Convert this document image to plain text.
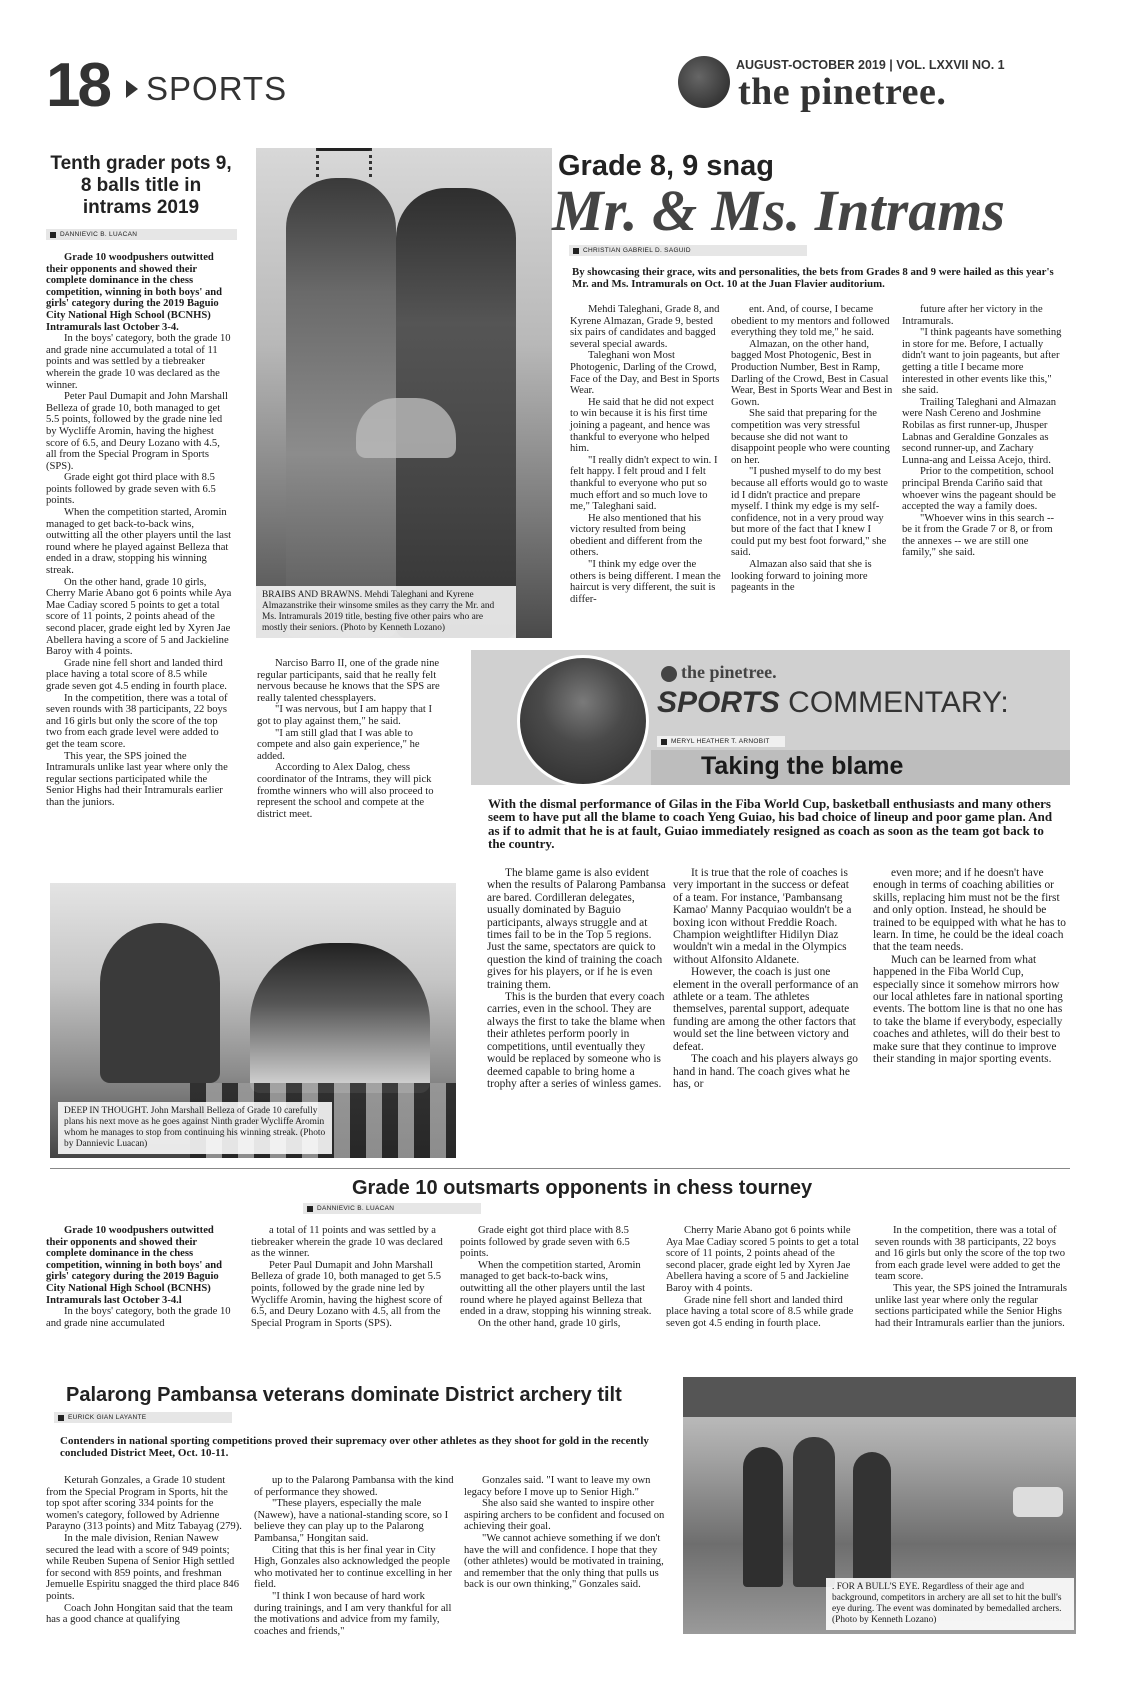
18 SPORTS
AUGUST-OCTOBER 2019 | VOL. LXXVII NO. 1
the pinetree.
Tenth grader pots 9, 8 balls title in intrams 2019
DANNIEVIC B. LUACAN

Grade 10 woodpushers outwitted their opponents and showed their complete dominance in the chess competition, winning in both boys' and girls' category during the 2019 Baguio City National High School (BCNHS) Intramurals last October 3-4.

In the boys' category, both the grade 10 and grade nine accumulated a total of 11 points and was settled by a tiebreaker wherein the grade 10 was declared as the winner.

Peter Paul Dumapit and John Marshall Belleza of grade 10, both managed to get 5.5 points, followed by the grade nine led by Wycliffe Aromin, having the highest score of 6.5, and Deury Lozano with 4.5, all from the Special Program in Sports (SPS).

Grade eight got third place with 8.5 points followed by grade seven with 6.5 points.

When the competition started, Aromin managed to get back-to-back wins, outwitting all the other players until the last round where he played against Belleza that ended in a draw, stopping his winning streak.

On the other hand, grade 10 girls, Cherry Marie Abano got 6 points while Aya Mae Cadiay scored 5 points to get a total score of 11 points, 2 points ahead of the second placer, grade eight led by Xyren Jae Abellera having a score of 5 and Jackieline Baroy with 4 points.

Grade nine fell short and landed third place having a total score of 8.5 while grade seven got 4.5 ending in fourth place.

In the competition, there was a total of seven rounds with 38 participants, 22 boys and 16 girls but only the score of the top two from each grade level were added to get the team score.

This year, the SPS joined the Intramurals unlike last year where only the regular sections participated while the Senior Highs had their Intramurals earlier than the juniors.

Narciso Barro II, one of the grade nine regular participants, said that he really felt nervous because he knows that the SPS are really talented chessplayers.

"I was nervous, but I am happy that I got to play against them," he said.

"I am still glad that I was able to compete and also gain experience," he added.

According to Alex Dalog, chess coordinator of the Intrams, they will pick fromthe winners who will also proceed to represent the school and compete at the district meet.

BRAIBS AND BRAWNS. Mehdi Taleghani and Kyrene Almazanstrike their winsome smiles as they carry the Mr. and Ms. Intramurals 2019 title, besting five other pairs who are mostly their seniors. (Photo by Kenneth Lozano)
Grade 8, 9 snag
Mr. & Ms. Intrams
CHRISTIAN GABRIEL D. SAGUID
By showcasing their grace, wits and personalities, the bets from Grades 8 and 9 were hailed as this year's Mr. and Ms. Intramurals on Oct. 10 at the Juan Flavier auditorium.

Mehdi Taleghani, Grade 8, and Kyrene Almazan, Grade 9, bested six pairs of candidates and bagged several special awards.

Taleghani won Most Photogenic, Darling of the Crowd, Face of the Day, and Best in Sports Wear.

He said that he did not expect to win because it is his first time joining a pageant, and hence was thankful to everyone who helped him.

"I really didn't expect to win. I felt happy. I felt proud and I felt thankful to everyone who put so much effort and so much love to me," Taleghani said.

He also mentioned that his victory resulted from being obedient and different from the others.

"I think my edge over the others is being different. I mean the haircut is very different, the suit is differ-

ent. And, of course, I became obedient to my mentors and followed everything they told me," he said.

Almazan, on the other hand, bagged Most Photogenic, Best in Production Number, Best in Ramp, Darling of the Crowd, Best in Casual Wear, Best in Sports Wear and Best in Gown.

She said that preparing for the competition was very stressful because she did not want to disappoint people who were counting on her.

"I pushed myself to do my best because all efforts would go to waste id I didn't practice and prepare myself. I think my edge is my self-confidence, not in a very proud way but more of the fact that I knew I could put my best foot forward," she said.

Almazan also said that she is looking forward to joining more pageants in the

future after her victory in the Intramurals.

"I think pageants have something in store for me. Before, I actually didn't want to join pageants, but after getting a title I became more interested in other events like this," she said.

Trailing Taleghani and Almazan were Nash Cereno and Joshmine Robilas as first runner-up, Jhusper Labnas and Geraldine Gonzales as second runner-up, and Zachary Lunna-ang and Leissa Acejo, third.

Prior to the competition, school principal Brenda Cariño said that whoever wins the pageant should be accepted the way a family does.

"Whoever wins in this search -- be it from the Grade 7 or 8, or from the annexes -- we are still one family," she said.

the pinetree.
SPORTS COMMENTARY:
MERYL HEATHER T. ARNOBIT
Taking the blame
With the dismal performance of Gilas in the Fiba World Cup, basketball enthusiasts and many others seem to have put all the blame to coach Yeng Guiao, his bad choice of lineup and poor game plan. And as if to admit that he is at fault, Guiao immediately resigned as coach as soon as the team got back to the country.

The blame game is also evident when the results of Palarong Pambansa are bared. Cordilleran delegates, usually dominated by Baguio participants, always struggle and at times fail to be in the Top 5 regions. Just the same, spectators are quick to question the kind of training the coach gives for his players, or if he is even training them.

This is the burden that every coach carries, even in the school. They are always the first to take the blame when their athletes perform poorly in competitions, until eventually they would be replaced by someone who is deemed capable to bring home a trophy after a series of winless games.

It is true that the role of coaches is very important in the success or defeat of a team. For instance, 'Pambansang Kamao' Manny Pacquiao wouldn't be a boxing icon without Freddie Roach. Champion weightlifter Hidilyn Diaz wouldn't win a medal in the Olympics without Alfonsito Aldanete.

However, the coach is just one element in the overall performance of an athlete or a team. The athletes themselves, parental support, adequate funding are among the other factors that would set the line between victory and defeat.

The coach and his players always go hand in hand. The coach gives what he has, or

even more; and if he doesn't have enough in terms of coaching abilities or skills, replacing him must not be the first and only option. Instead, he should be trained to be equipped with what he has to learn. In time, he could be the ideal coach that the team needs.

Much can be learned from what happened in the Fiba World Cup, especially since it somehow mirrors how our local athletes fare in national sporting events. The bottom line is that no one has to take the blame if everybody, especially coaches and athletes, will do their best to make sure that they continue to improve their standing in major sporting events.

DEEP IN THOUGHT. John Marshall Belleza of Grade 10 carefully plans his next move as he goes against Ninth grader Wycliffe Aromin whom he manages to stop from continuing his winning streak. (Photo by Dannievic Luacan)
Grade 10 outsmarts opponents in chess tourney
DANNIEVIC B. LUACAN

Grade 10 woodpushers outwitted their opponents and showed their complete dominance in the chess competition, winning in both boys' and girls' category during the 2019 Baguio City National High School (BCNHS) Intramurals last October 3-4.l

In the boys' category, both the grade 10 and grade nine accumulated

a total of 11 points and was settled by a tiebreaker wherein the grade 10 was declared as the winner.

Peter Paul Dumapit and John Marshall Belleza of grade 10, both managed to get 5.5 points, followed by the grade nine led by Wycliffe Aromin, having the highest score of 6.5, and Deury Lozano with 4.5, all from the Special Program in Sports (SPS).

Grade eight got third place with 8.5 points followed by grade seven with 6.5 points.

When the competition started, Aromin managed to get back-to-back wins, outwitting all the other players until the last round where he played against Belleza that ended in a draw, stopping his winning streak.

On the other hand, grade 10 girls,

Cherry Marie Abano got 6 points while Aya Mae Cadiay scored 5 points to get a total score of 11 points, 2 points ahead of the second placer, grade eight led by Xyren Jae Abellera having a score of 5 and Jackieline Baroy with 4 points.

Grade nine fell short and landed third place having a total score of 8.5 while grade seven got 4.5 ending in fourth place.

In the competition, there was a total of seven rounds with 38 participants, 22 boys and 16 girls but only the score of the top two from each grade level were added to get the team score.

This year, the SPS joined the Intramurals unlike last year where only the regular sections participated while the Senior Highs had their Intramurals earlier than the juniors.

Palarong Pambansa veterans dominate District archery tilt
EURICK GIAN LAYANTE
Contenders in national sporting competitions proved their supremacy over other athletes as they shoot for gold in the recently concluded District Meet, Oct. 10-11.

Keturah Gonzales, a Grade 10 student from the Special Program in Sports, hit the top spot after scoring 334 points for the women's category, followed by Adrienne Parayno (313 points) and Mitz Tabayag (279).

In the male division, Renian Nawew secured the lead with a score of 949 points; while Reuben Supena of Senior High settled for second with 859 points, and freshman Jemuelle Espiritu snagged the third place 846 points.

Coach John Hongitan said that the team has a good chance at qualifying

up to the Palarong Pambansa with the kind of performance they showed.

"These players, especially the male (Nawew), have a national-standing score, so I believe they can play up to the Palarong Pambansa," Hongitan said.

Citing that this is her final year in City High, Gonzales also acknowledged the people who motivated her to continue excelling in her field.

"I think I won because of hard work during trainings, and I am very thankful for all the motivations and advice from my family, coaches and friends,"

Gonzales said. "I want to leave my own legacy before I move up to Senior High."

She also said she wanted to inspire other aspiring archers to be confident and focused on achieving their goal.

"We cannot achieve something if we don't have the will and confidence. I hope that they (other athletes) would be motivated in training, and remember that the only thing that pulls us back is our own thinking," Gonzales said.	. FOR A BULL'S EYE. Regardless of their age and background, competitors in archery are all set to hit the bull's eye during. The event was dominated by bemedalled archers. (Photo by Kenneth Lozano)
